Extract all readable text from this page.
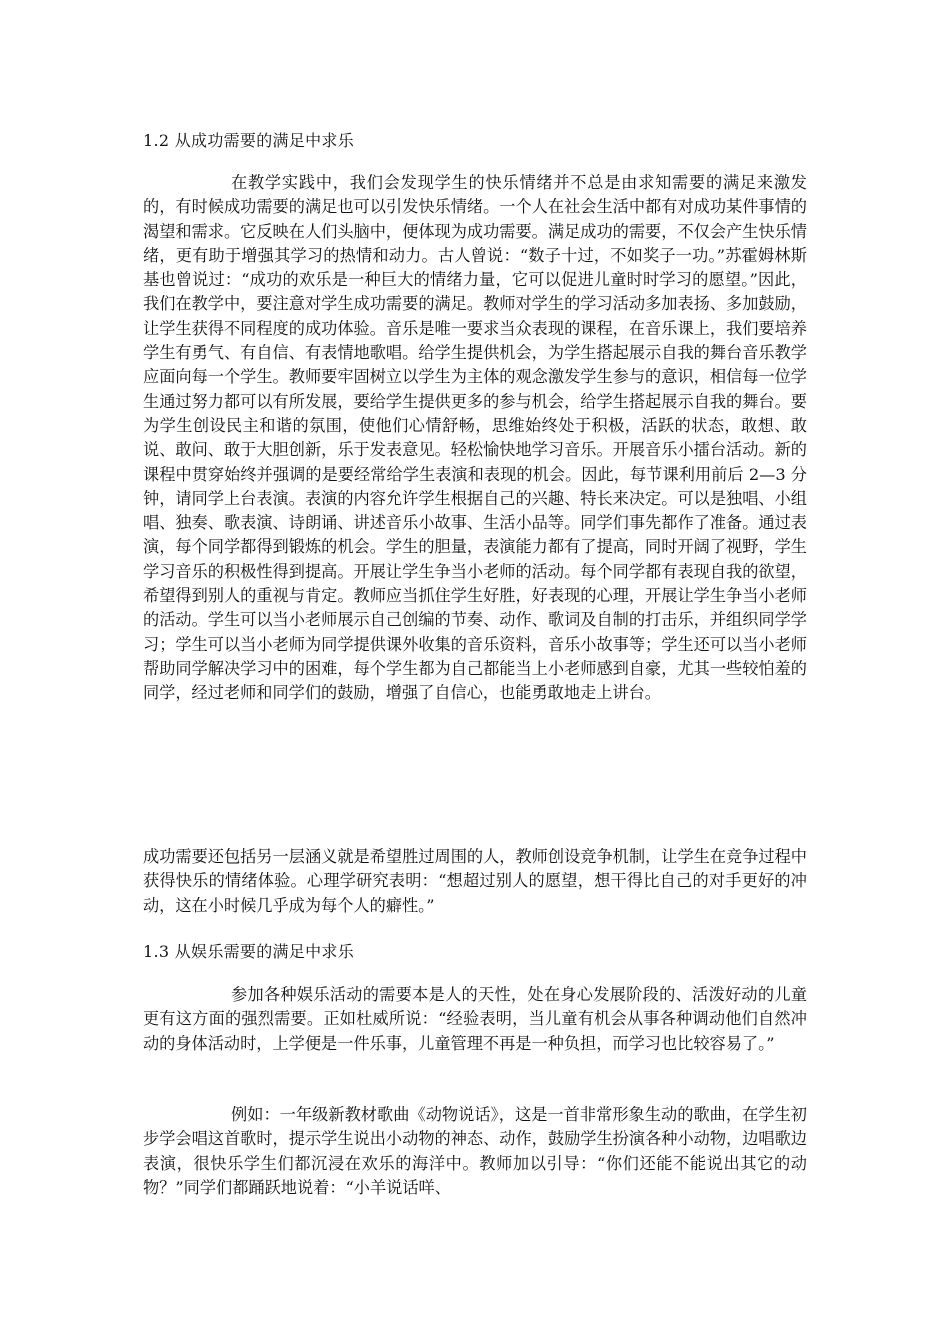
1.2 从成功需要的满足中求乐

在教学实践中，我们会发现学生的快乐情绪并不总是由求知需要的满足来激发的，有时候成功需要的满足也可以引发快乐情绪。一个人在社会生活中都有对成功某件事情的渴望和需求。它反映在人们头脑中，便体现为成功需要。满足成功的需要，不仅会产生快乐情绪，更有助于增强其学习的热情和动力。古人曾说：“数子十过，不如奖子一功。”苏霍姆林斯基也曾说过：“成功的欢乐是一种巨大的情绪力量，它可以促进儿童时时学习的愿望。”因此，我们在教学中，要注意对学生成功需要的满足。教师对学生的学习活动多加表扬、多加鼓励，让学生获得不同程度的成功体验。音乐是唯一要求当众表现的课程，在音乐课上，我们要培养学生有勇气、有自信、有表情地歌唱。给学生提供机会，为学生搭起展示自我的舞台音乐教学应面向每一个学生。教师要牢固树立以学生为主体的观念激发学生参与的意识，相信每一位学生通过努力都可以有所发展，要给学生提供更多的参与机会，给学生搭起展示自我的舞台。要为学生创设民主和谐的氛围，使他们心情舒畅，思维始终处于积极，活跃的状态，敢想、敢说、敢问、敢于大胆创新，乐于发表意见。轻松愉快地学习音乐。开展音乐小擂台活动。新的课程中贯穿始终并强调的是要经常给学生表演和表现的机会。因此，每节课利用前后 2—3 分钟，请同学上台表演。表演的内容允许学生根据自己的兴趣、特长来决定。可以是独唱、小组唱、独奏、歌表演、诗朗诵、讲述音乐小故事、生活小品等。同学们事先都作了准备。通过表演，每个同学都得到锻炼的机会。学生的胆量，表演能力都有了提高，同时开阔了视野，学生学习音乐的积极性得到提高。开展让学生争当小老师的活动。每个同学都有表现自我的欲望，希望得到别人的重视与肯定。教师应当抓住学生好胜，好表现的心理，开展让学生争当小老师的活动。学生可以当小老师展示自己创编的节奏、动作、歌词及自制的打击乐，并组织同学学习；学生可以当小老师为同学提供课外收集的音乐资料，音乐小故事等；学生还可以当小老师帮助同学解决学习中的困难，每个学生都为自己都能当上小老师感到自豪，尤其一些较怕羞的同学，经过老师和同学们的鼓励，增强了自信心，也能勇敢地走上讲台。

成功需要还包括另一层涵义就是希望胜过周围的人，教师创设竞争机制，让学生在竞争过程中获得快乐的情绪体验。心理学研究表明：“想超过别人的愿望，想干得比自己的对手更好的冲动，这在小时候几乎成为每个人的癖性。”

1.3 从娱乐需要的满足中求乐

参加各种娱乐活动的需要本是人的天性，处在身心发展阶段的、活泼好动的儿童更有这方面的强烈需要。正如杜威所说：“经验表明，当儿童有机会从事各种调动他们自然冲动的身体活动时，上学便是一件乐事，儿童管理不再是一种负担，而学习也比较容易了。”

例如：一年级新教材歌曲《动物说话》，这是一首非常形象生动的歌曲，在学生初步学会唱这首歌时，提示学生说出小动物的神态、动作，鼓励学生扮演各种小动物，边唱歌边表演，很快乐学生们都沉浸在欢乐的海洋中。教师加以引导：“你们还能不能说出其它的动物？”同学们都踊跃地说着：“小羊说话咩、
